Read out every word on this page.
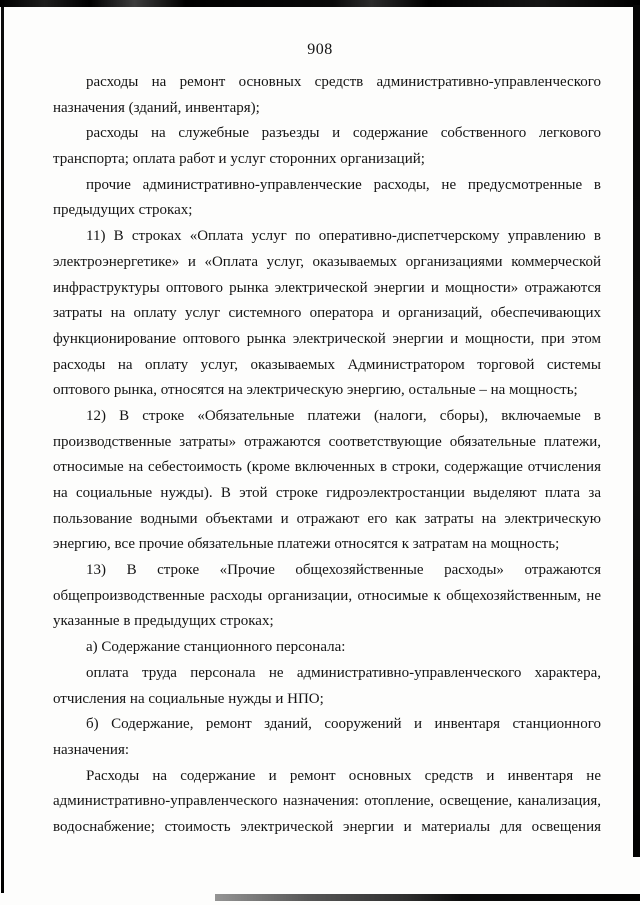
908
расходы на ремонт основных средств административно-управленческого
назначения (зданий, инвентаря);
расходы на служебные разъезды и содержание собственного легкового
транспорта; оплата работ и услуг сторонних организаций;
прочие административно-управленческие расходы, не предусмотренные в
предыдущих строках;
11) В строках «Оплата услуг по оперативно-диспетчерскому управлению в
электроэнергетике» и «Оплата услуг, оказываемых организациями коммерческой
инфраструктуры оптового рынка электрической энергии и мощности» отражаются
затраты на оплату услуг системного оператора и организаций, обеспечивающих
функционирование оптового рынка электрической энергии и мощности, при этом
расходы на оплату услуг, оказываемых Администратором торговой системы
оптового рынка, относятся на электрическую энергию, остальные – на мощность;
12) В строке «Обязательные платежи (налоги, сборы), включаемые в
производственные затраты» отражаются соответствующие обязательные платежи,
относимые на себестоимость (кроме включенных в строки, содержащие отчисления
на социальные нужды). В этой строке гидроэлектростанции выделяют плата за
пользование водными объектами и отражают его как затраты на электрическую
энергию, все прочие обязательные платежи относятся к затратам на мощность;
13) В строке «Прочие общехозяйственные расходы» отражаются
общепроизводственные расходы организации, относимые к общехозяйственным, не
указанные в предыдущих строках;
а) Содержание станционного персонала:
оплата труда персонала не административно-управленческого характера,
отчисления на социальные нужды и НПО;
б) Содержание, ремонт зданий, сооружений и инвентаря станционного
назначения:
Расходы на содержание и ремонт основных средств и инвентаря не
административно-управленческого назначения: отопление, освещение, канализация,
водоснабжение; стоимость электрической энергии и материалы для освещения
